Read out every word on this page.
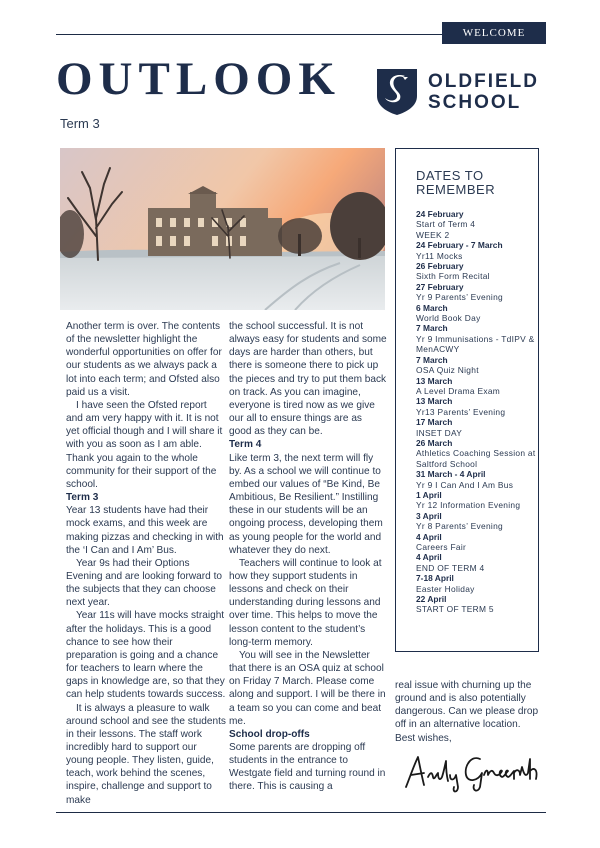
WELCOME
OUTLOOK
Term 3
OLDFIELD
SCHOOL

Another term is over. The contents of the newsletter highlight the wonderful opportunities on offer for our students as we always pack a lot into each term; and Ofsted also paid us a visit.

I have seen the Ofsted report and am very happy with it. It is not yet official though and I will share it with you as soon as I am able. Thank you again to the whole community for their support of the school.

Term 3

Year 13 students have had their mock exams, and this week are making pizzas and checking in with the ‘I Can and I Am’ Bus.

Year 9s had their Options Evening and are looking forward to the subjects that they can choose next year.

Year 11s will have mocks straight after the holidays. This is a good chance to see how their preparation is going and a chance for teachers to learn where the gaps in knowledge are, so that they can help students towards success.

It is always a pleasure to walk around school and see the students in their lessons. The staff work incredibly hard to support our young people. They listen, guide, teach, work behind the scenes, inspire, challenge and support to make

the school successful. It is not always easy for students and some days are harder than others, but there is someone there to pick up the pieces and try to put them back on track. As you can imagine, everyone is tired now as we give our all to ensure things are as good as they can be.

Term 4

Like term 3, the next term will fly by. As a school we will continue to embed our values of “Be Kind, Be Ambitious, Be Resilient.” Instilling these in our students will be an ongoing process, developing them as young people for the world and whatever they do next.

Teachers will continue to look at how they support students in lessons and check on their understanding during lessons and over time. This helps to move the lesson content to the student’s long-term memory.

You will see in the Newsletter that there is an OSA quiz at school on Friday 7 March. Please come along and support. I will be there in a team so you can come and beat me.

School drop-offs

Some parents are dropping off students in the entrance to Westgate field and turning round in there. This is causing a

DATES TO
REMEMBER
24 February
Start of Term 4
WEEK 2
24 February - 7 March
Yr11 Mocks
26 February
Sixth Form Recital
27 February
Yr 9 Parents’ Evening
6 March
World Book Day
7 March
Yr 9 Immunisations - TdIPV & MenACWY
7 March
OSA Quiz Night
13 March
A Level Drama Exam
13 March
Yr13 Parents’ Evening
17 March
INSET DAY
26 March
Athletics Coaching Session at Saltford School
31 March - 4 April
Yr 9 I Can And I Am Bus
1 April
Yr 12 Information Evening
3 April
Yr 8 Parents’ Evening
4 April
Careers Fair
4 April
END OF TERM 4
7-18 April
Easter Holiday
22 April
START OF TERM 5

real issue with churning up the ground and is also potentially dangerous. Can we please drop off in an alternative location.

Best wishes,
